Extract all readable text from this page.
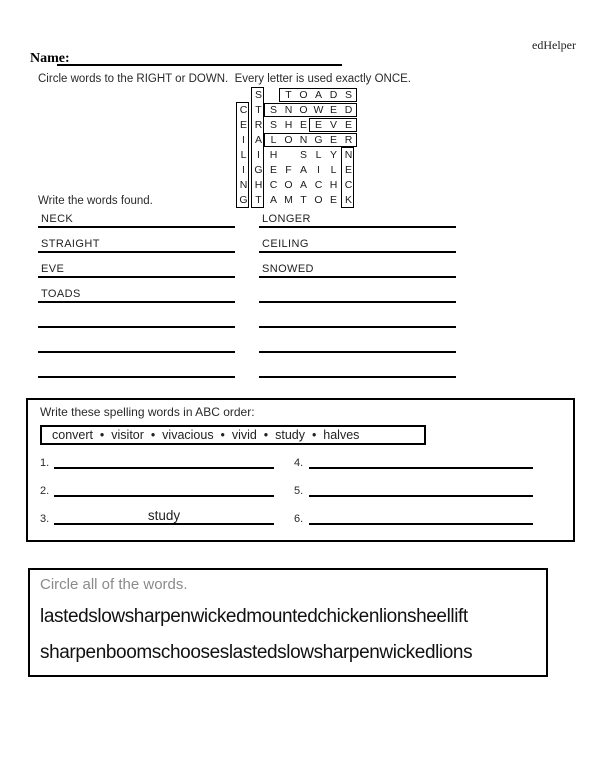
edHelper
Name:
Circle words to the RIGHT or DOWN.  Every letter is used exactly ONCE.
S	T O A D S
C T S N O W E D
E R S H E E V E
I A L O N G E R
L	I H	S L Y N
I G E F A I	L E
N H C O A C H C
G T A M T O E K
Write the words found.
NECK
STRAIGHT
EVE
TOADS
LONGER
CEILING
SNOWED
Write these spelling words in ABC order:
convert  •  visitor  •  vivacious  •  vivid  •  study  •  halves
1.
2.
3.	study
4.
5.
6.
Circle all of the words.
lastedslowsharpenwickedmountedchickenlionsheellift
sharpenboomschooseslastedslowsharpenwickedlions
